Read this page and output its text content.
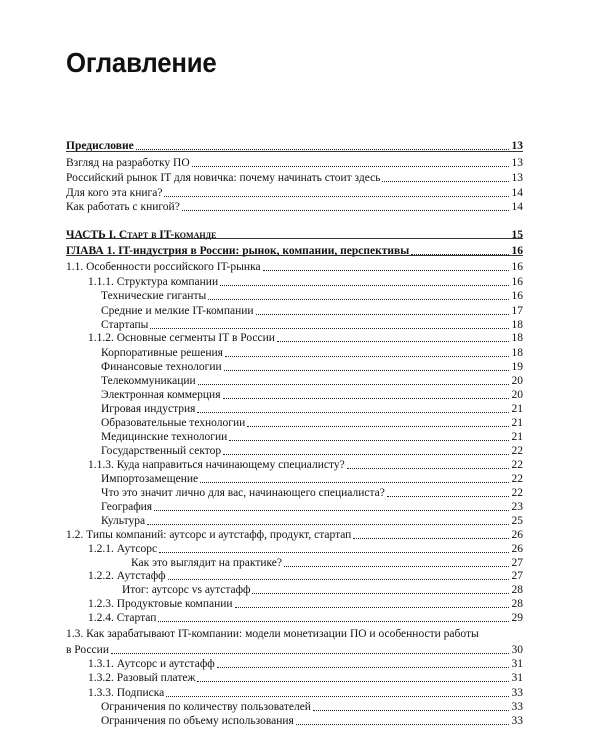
Оглавление
Предисловие	13
Взгляд на разработку ПО	13
Российский рынок IT для новичка: почему начинать стоит здесь	13
Для кого эта книга?	14
Как работать с книгой?	14
ЧАСТЬ I. Старт в IT-команде	15
ГЛАВА 1. IT-индустрия в России: рынок, компании, перспективы	16
1.1. Особенности российского IT-рынка	16
1.1.1. Структура компании	16
Технические гиганты	16
Средние и мелкие IT-компании	17
Стартапы	18
1.1.2. Основные сегменты IT в России	18
Корпоративные решения	18
Финансовые технологии	19
Телекоммуникации	20
Электронная коммерция	20
Игровая индустрия	21
Образовательные технологии	21
Медицинские технологии	21
Государственный сектор	22
1.1.3. Куда направиться начинающему специалисту?	22
Импортозамещение	22
Что это значит лично для вас, начинающего специалиста?	22
География	23
Культура	25
1.2. Типы компаний: аутсорс и аутстафф, продукт, стартап	26
1.2.1. Аутсорс	26
Как это выглядит на практике?	27
1.2.2. Аутстафф	27
Итог: аутсорс vs аутстафф	28
1.2.3. Продуктовые компании	28
1.2.4. Стартап	29
1.3. Как зарабатывают IT-компании: модели монетизации ПО и особенности работы
в России	30
1.3.1. Аутсорс и аутстафф	31
1.3.2. Разовый платеж	31
1.3.3. Подписка	33
Ограничения по количеству пользователей	33
Ограничения по объему использования	33
